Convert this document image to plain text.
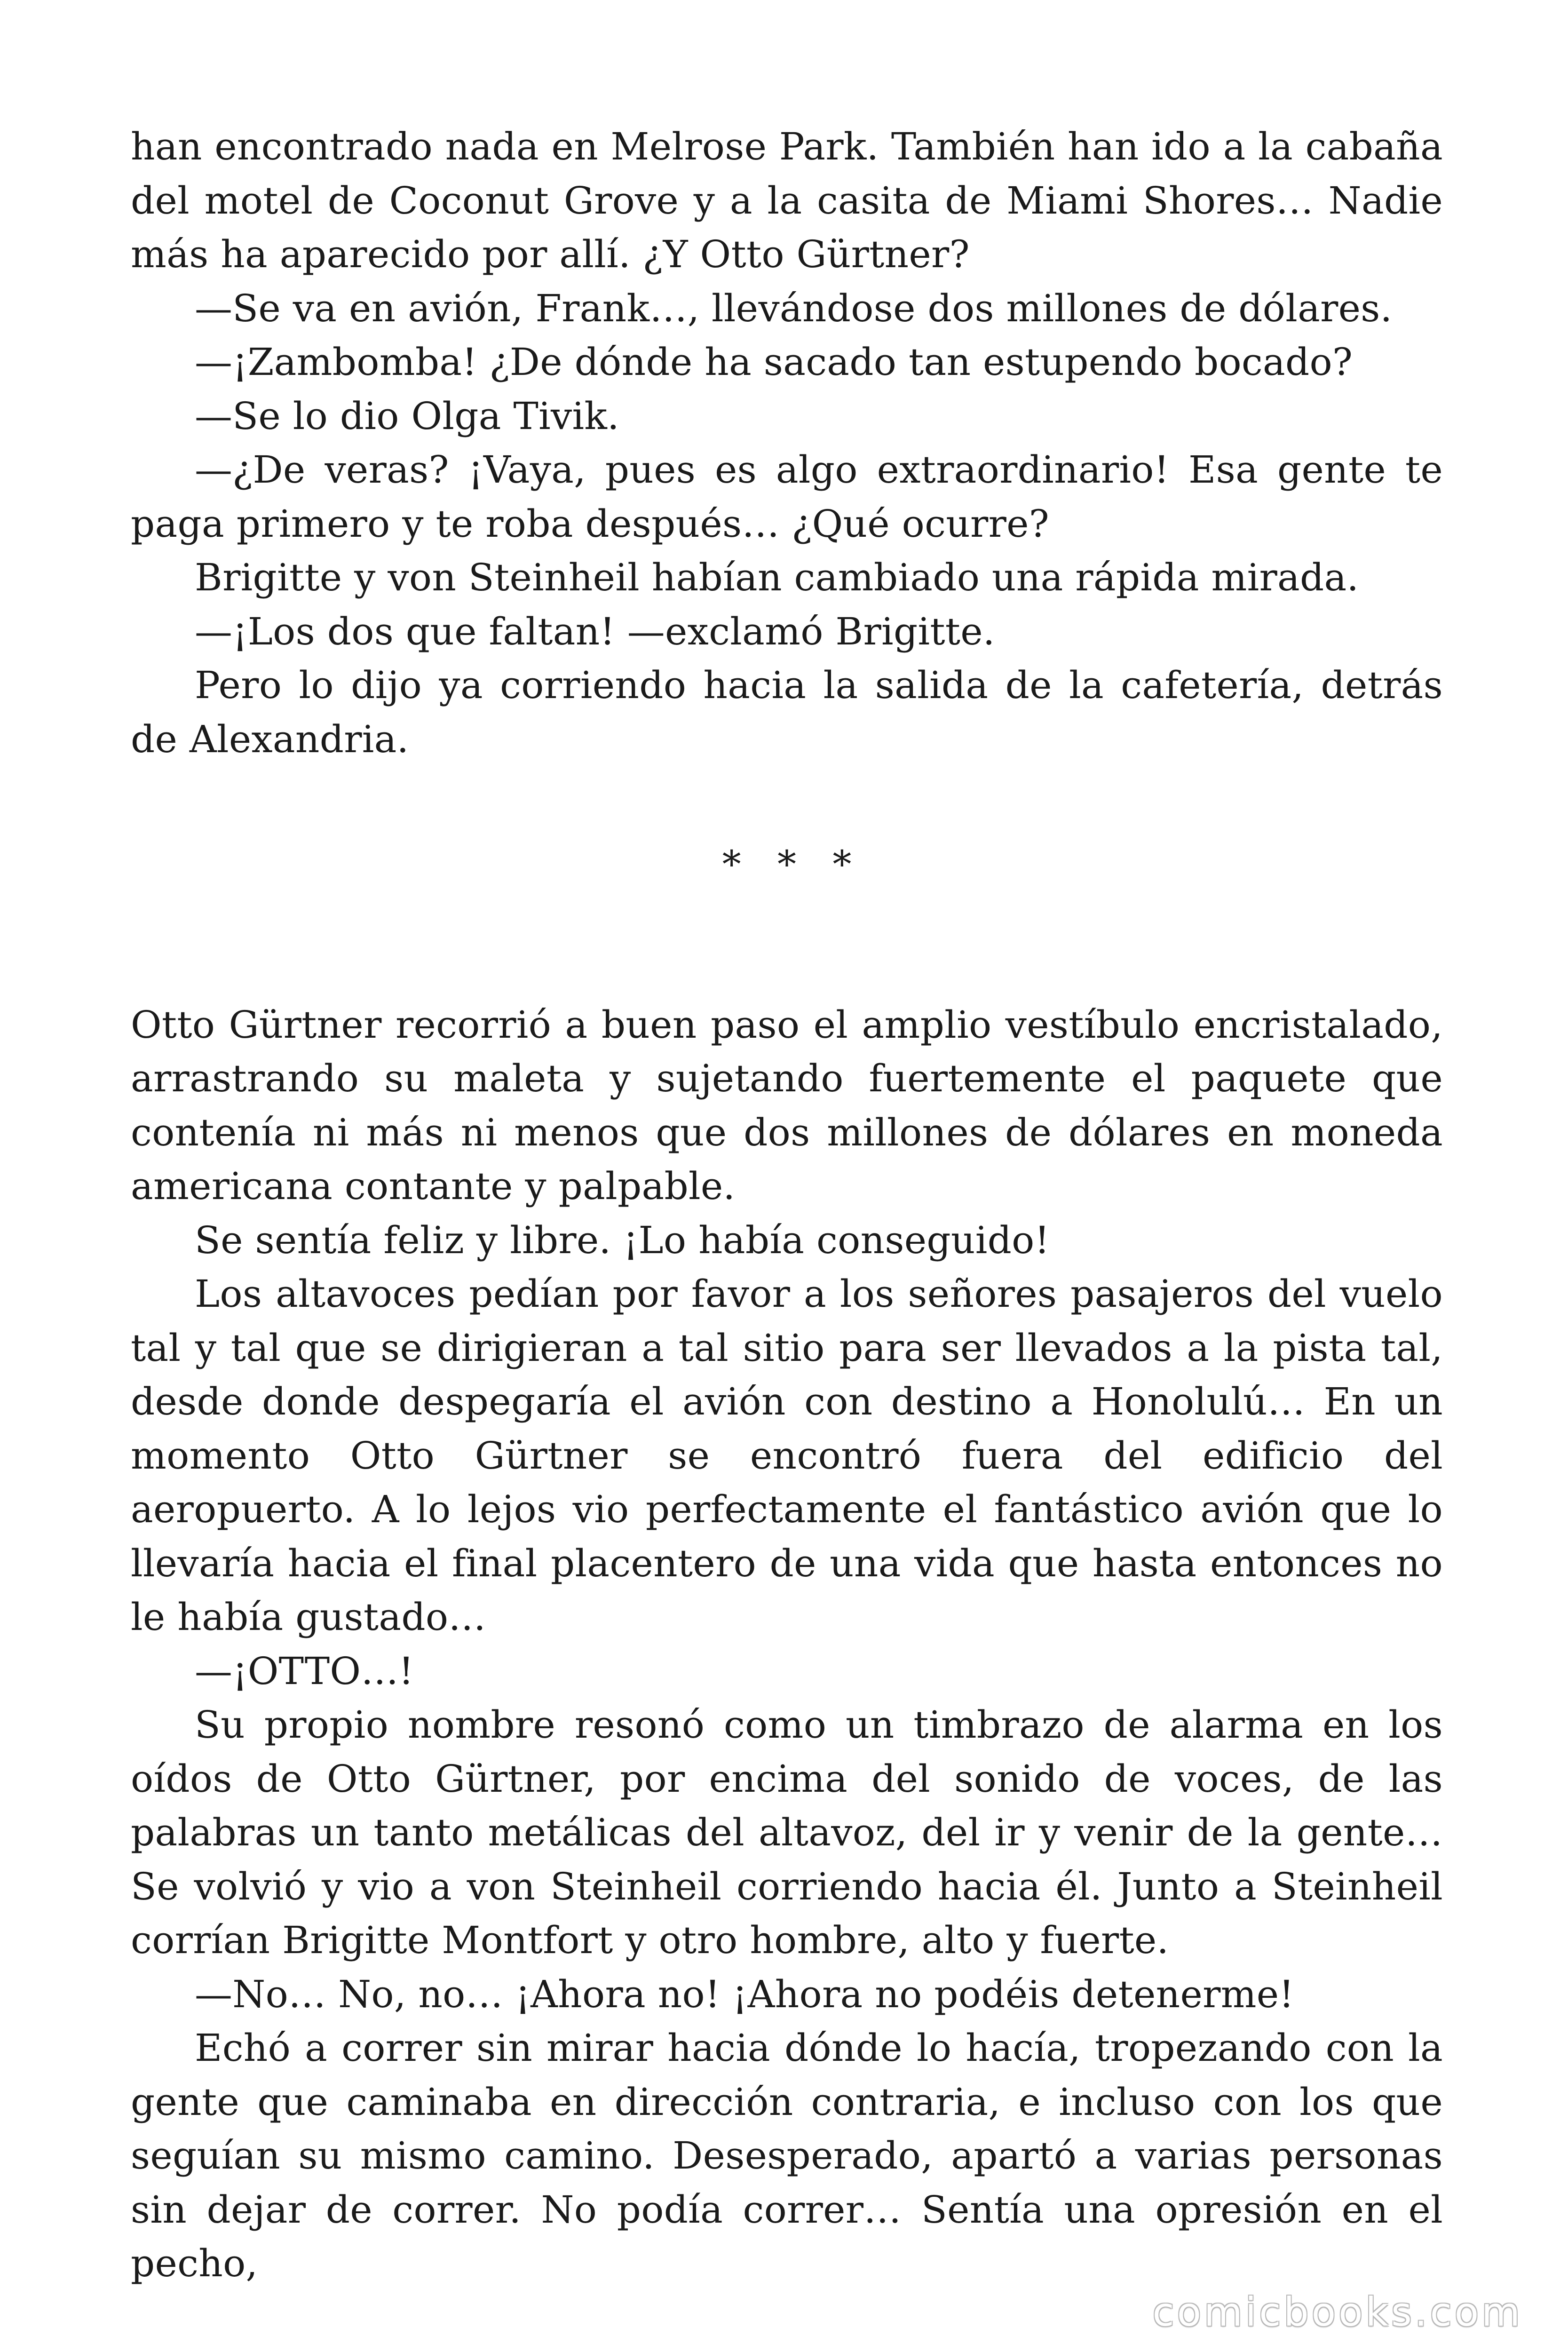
han encontrado nada en Melrose Park. También han ido a la cabaña del motel de Coconut Grove y a la casita de Miami Shores… Nadie más ha aparecido por allí. ¿Y Otto Gürtner?

—Se va en avión, Frank…, llevándose dos millones de dólares.

—¡Zambomba! ¿De dónde ha sacado tan estupendo bocado?

—Se lo dio Olga Tivik.

—¿De veras? ¡Vaya, pues es algo extraordinario! Esa gente te paga primero y te roba después… ¿Qué ocurre?

Brigitte y von Steinheil habían cambiado una rápida mirada.

—¡Los dos que faltan! —exclamó Brigitte.

Pero lo dijo ya corriendo hacia la salida de la cafetería, detrás de Alexandria.

* * *

Otto Gürtner recorrió a buen paso el amplio vestíbulo encristalado, arrastrando su maleta y sujetando fuertemente el paquete que contenía ni más ni menos que dos millones de dólares en moneda americana contante y palpable.

Se sentía feliz y libre. ¡Lo había conseguido!

Los altavoces pedían por favor a los señores pasajeros del vuelo tal y tal que se dirigieran a tal sitio para ser llevados a la pista tal, desde donde despegaría el avión con destino a Honolulú… En un momento Otto Gürtner se encontró fuera del edificio del aeropuerto. A lo lejos vio perfectamente el fantástico avión que lo llevaría hacia el final placentero de una vida que hasta entonces no le había gustado…

—¡OTTO…!

Su propio nombre resonó como un timbrazo de alarma en los oídos de Otto Gürtner, por encima del sonido de voces, de las palabras un tanto metálicas del altavoz, del ir y venir de la gente… Se volvió y vio a von Steinheil corriendo hacia él. Junto a Steinheil corrían Brigitte Montfort y otro hombre, alto y fuerte.

—No… No, no… ¡Ahora no! ¡Ahora no podéis detenerme!

Echó a correr sin mirar hacia dónde lo hacía, tropezando con la gente que caminaba en dirección contraria, e incluso con los que seguían su mismo camino. Desesperado, apartó a varias personas sin dejar de correr. No podía correr… Sentía una opresión en el pecho,

comicbooks.com
